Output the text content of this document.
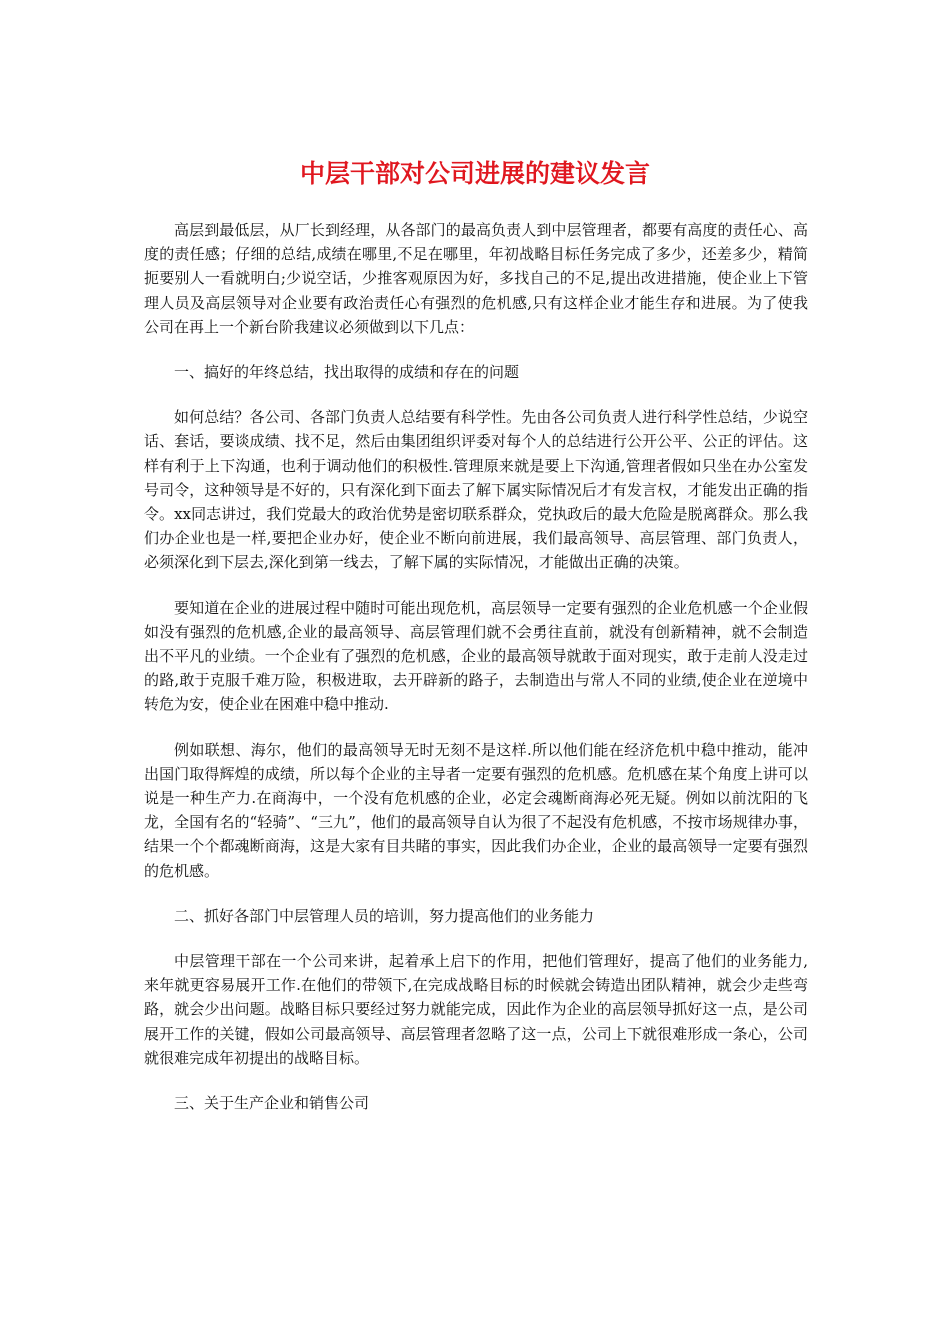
中层干部对公司进展的建议发言

高层到最低层，从厂长到经理，从各部门的最高负责人到中层管理者，都要有高度的责任心、高度的责任感；仔细的总结,成绩在哪里,不足在哪里，年初战略目标任务完成了多少，还差多少，精简扼要别人一看就明白;少说空话，少推客观原因为好，多找自己的不足,提出改进措施，使企业上下管理人员及高层领导对企业要有政治责任心有强烈的危机感,只有这样企业才能生存和进展。为了使我公司在再上一个新台阶我建议必须做到以下几点：

一、搞好的年终总结，找出取得的成绩和存在的问题

如何总结？各公司、各部门负责人总结要有科学性。先由各公司负责人进行科学性总结，少说空话、套话，要谈成绩、找不足，然后由集团组织评委对每个人的总结进行公开公平、公正的评估。这样有利于上下沟通，也利于调动他们的积极性.管理原来就是要上下沟通,管理者假如只坐在办公室发号司令，这种领导是不好的，只有深化到下面去了解下属实际情况后才有发言权，才能发出正确的指令。xx同志讲过，我们党最大的政治优势是密切联系群众，党执政后的最大危险是脱离群众。那么我们办企业也是一样,要把企业办好，使企业不断向前进展，我们最高领导、高层管理、部门负责人，必须深化到下层去,深化到第一线去，了解下属的实际情况，才能做出正确的决策。

要知道在企业的进展过程中随时可能出现危机，高层领导一定要有强烈的企业危机感一个企业假如没有强烈的危机感,企业的最高领导、高层管理们就不会勇往直前，就没有创新精神，就不会制造出不平凡的业绩。一个企业有了强烈的危机感，企业的最高领导就敢于面对现实，敢于走前人没走过的路,敢于克服千难万险，积极进取，去开辟新的路子，去制造出与常人不同的业绩,使企业在逆境中转危为安，使企业在困难中稳中推动.

例如联想、海尔，他们的最高领导无时无刻不是这样.所以他们能在经济危机中稳中推动，能冲出国门取得辉煌的成绩，所以每个企业的主导者一定要有强烈的危机感。危机感在某个角度上讲可以说是一种生产力.在商海中，一个没有危机感的企业，必定会魂断商海必死无疑。例如以前沈阳的飞龙，全国有名的“轻骑”、“三九”，他们的最高领导自认为很了不起没有危机感，不按市场规律办事，结果一个个都魂断商海，这是大家有目共睹的事实，因此我们办企业，企业的最高领导一定要有强烈的危机感。

二、抓好各部门中层管理人员的培训，努力提高他们的业务能力

中层管理干部在一个公司来讲，起着承上启下的作用，把他们管理好，提高了他们的业务能力,来年就更容易展开工作.在他们的带领下,在完成战略目标的时候就会铸造出团队精神，就会少走些弯路，就会少出问题。战略目标只要经过努力就能完成，因此作为企业的高层领导抓好这一点，是公司展开工作的关键，假如公司最高领导、高层管理者忽略了这一点，公司上下就很难形成一条心，公司就很难完成年初提出的战略目标。

三、关于生产企业和销售公司
